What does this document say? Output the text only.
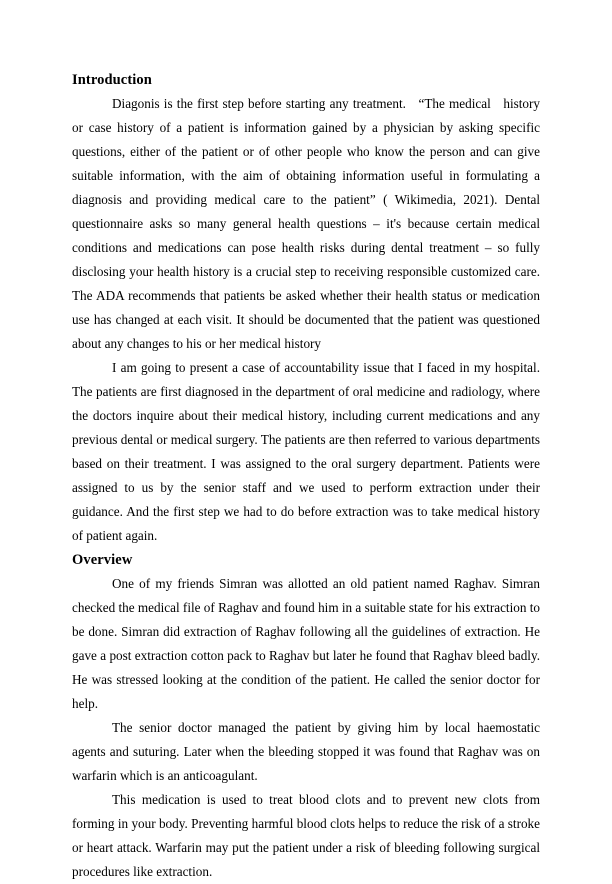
Introduction

Diagonis is the first step before starting any treatment.   “The medical   history   or case history of a patient is information gained by a physician by asking specific questions, either of the patient or of other people who know the person and can give suitable information, with the aim of obtaining information useful in formulating a diagnosis and providing medical care to the patient” ( Wikimedia, 2021). Dental questionnaire asks so many general health questions – it's because certain medical conditions and medications can pose health risks during dental treatment – so fully disclosing your health history is a crucial step to receiving responsible customized care. The ADA recommends that patients be asked whether their health status or medication use has changed at each visit. It should be documented that the patient was questioned about any changes to his or her medical history

I am going to present a case of accountability issue that I faced in my hospital. The patients are first diagnosed in the department of oral medicine and radiology, where the doctors inquire about their medical history, including current medications and any previous dental or medical surgery. The patients are then referred to various departments based on their treatment. I was assigned to the oral surgery department. Patients were assigned to us by the senior staff and we used to perform extraction under their guidance. And the first step we had to do before extraction was to take medical history of patient again.

Overview

One of my friends Simran was allotted an old patient named Raghav. Simran checked the medical file of Raghav and found him in a suitable state for his extraction to be done. Simran did extraction of Raghav following all the guidelines of extraction. He gave a post extraction cotton pack to Raghav but later he found that Raghav bleed badly. He was stressed looking at the condition of the patient. He called the senior doctor for help.

The senior doctor managed the patient by giving him by local haemostatic agents and suturing. Later when the bleeding stopped it was found that Raghav was on warfarin which is an anticoagulant.

This medication is used to treat blood clots and to prevent new clots from forming in your body. Preventing harmful blood clots helps to reduce the risk of a stroke or heart attack. Warfarin may put the patient under a risk of bleeding following surgical procedures like extraction.
